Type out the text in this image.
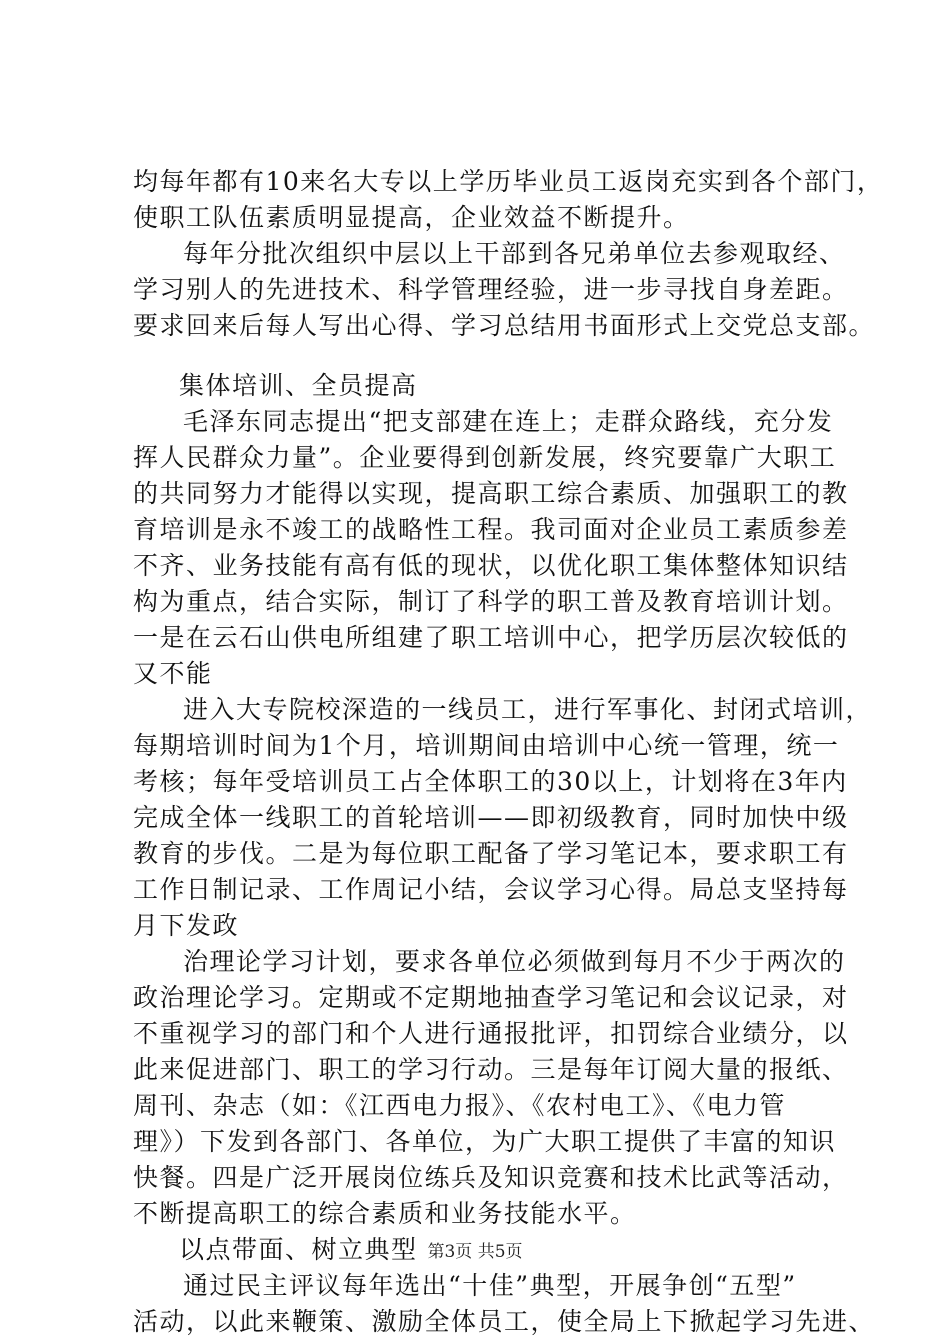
均每年都有10来名大专以上学历毕业员工返岗充实到各个部门，
使职工队伍素质明显提高，企业效益不断提升。
每年分批次组织中层以上干部到各兄弟单位去参观取经、
学习别人的先进技术、科学管理经验，进一步寻找自身差距。
要求回来后每人写出心得、学习总结用书面形式上交党总支部。
集体培训、全员提高
毛泽东同志提出“把支部建在连上；走群众路线，充分发
挥人民群众力量”。企业要得到创新发展，终究要靠广大职工
的共同努力才能得以实现，提高职工综合素质、加强职工的教
育培训是永不竣工的战略性工程。我司面对企业员工素质参差
不齐、业务技能有高有低的现状，以优化职工集体整体知识结
构为重点，结合实际，制订了科学的职工普及教育培训计划。
一是在云石山供电所组建了职工培训中心，把学历层次较低的
又不能
进入大专院校深造的一线员工，进行军事化、封闭式培训，
每期培训时间为1个月，培训期间由培训中心统一管理，统一
考核；每年受培训员工占全体职工的30以上，计划将在3年内
完成全体一线职工的首轮培训——即初级教育，同时加快中级
教育的步伐。二是为每位职工配备了学习笔记本，要求职工有
工作日制记录、工作周记小结，会议学习心得。局总支坚持每
月下发政
治理论学习计划，要求各单位必须做到每月不少于两次的
政治理论学习。定期或不定期地抽查学习笔记和会议记录，对
不重视学习的部门和个人进行通报批评，扣罚综合业绩分，以
此来促进部门、职工的学习行动。三是每年订阅大量的报纸、
周刊、杂志（如：《江西电力报》、《农村电工》、《电力管
理》）下发到各部门、各单位，为广大职工提供了丰富的知识
快餐。四是广泛开展岗位练兵及知识竞赛和技术比武等活动，
不断提高职工的综合素质和业务技能水平。
以点带面、树立典型
通过民主评议每年选出“十佳”典型，开展争创“五型”
活动，以此来鞭策、激励全体员工，使全局上下掀起学习先进、
第3页 共5页
